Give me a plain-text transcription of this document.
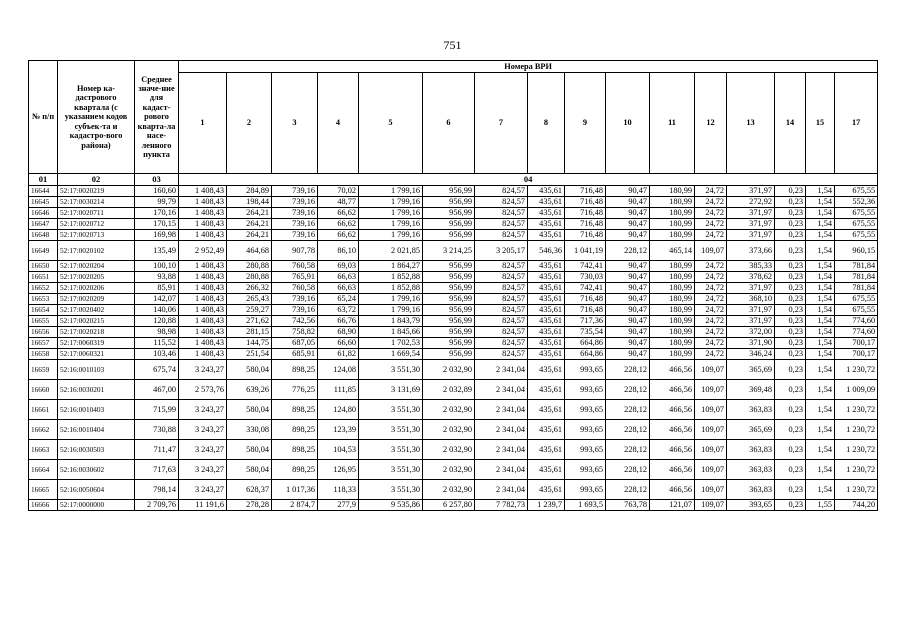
751
№ п/п	Номер ка-дастрового квартала (с указанием кодов субъек-та и кадастро-вого района)	Среднее значе-ние для кадаст-рового кварта-ла насе-ленного пункта	Номера ВРИ															
			1	2	3	4	5	6	7	8	9	10	11	12	13	14	15	17
01	02	03	04															
16644	52:17:0020219	160,60	1 408,43	284,89	739,16	70,02	1 799,16	956,99	824,57	435,61	716,48	90,47	180,99	24,72	371,97	0,23	1,54	675,55
16645	52:17:0030214	99,79	1 408,43	198,44	739,16	48,77	1 799,16	956,99	824,57	435,61	716,48	90,47	180,99	24,72	272,92	0,23	1,54	552,36
16646	52:17:0020711	170,16	1 408,43	264,21	739,16	66,62	1 799,16	956,99	824,57	435,61	716,48	90,47	180,99	24,72	371,97	0,23	1,54	675,55
16647	52:17:0020712	170,15	1 408,43	264,21	739,16	66,62	1 799,16	956,99	824,57	435,61	716,48	90,47	180,99	24,72	371,97	0,23	1,54	675,55
16648	52:17:0020713	169,98	1 408,43	264,21	739,16	66,62	1 799,16	956,99	824,57	435,61	716,48	90,47	180,99	24,72	371,97	0,23	1,54	675,55
16649	52:17:0020102	135,49	2 952,49	464,68	907,78	86,10	2 021,85	3 214,25	3 205,17	546,36	1 041,19	228,12	465,14	109,07	373,66	0,23	1,54	960,15
16650	52:17:0020204	100,10	1 408,43	280,88	760,58	69,03	1 864,27	956,99	824,57	435,61	742,41	90,47	180,99	24,72	385,33	0,23	1,54	781,84
16651	52:17:0020205	93,88	1 408,43	280,88	765,91	66,63	1 852,88	956,99	824,57	435,61	730,03	90,47	180,99	24,72	378,62	0,23	1,54	781,84
16652	52:17:0020206	85,91	1 408,43	266,32	760,58	66,63	1 852,88	956,99	824,57	435,61	742,41	90,47	180,99	24,72	371,97	0,23	1,54	781,84
16653	52:17:0020209	142,07	1 408,43	265,43	739,16	65,24	1 799,16	956,99	824,57	435,61	716,48	90,47	180,99	24,72	368,10	0,23	1,54	675,55
16654	52:17:0020402	140,06	1 408,43	259,27	739,16	63,72	1 799,16	956,99	824,57	435,61	716,48	90,47	180,99	24,72	371,97	0,23	1,54	675,55
16655	52:17:0020215	120,88	1 408,43	271,62	742,56	66,76	1 843,79	956,99	824,57	435,61	717,36	90,47	180,99	24,72	371,97	0,23	1,54	774,60
16656	52:17:0020218	98,98	1 408,43	281,15	758,82	68,90	1 845,66	956,99	824,57	435,61	735,54	90,47	180,99	24,72	372,00	0,23	1,54	774,60
16657	52:17:0060319	115,52	1 408,43	144,75	687,05	66,60	1 702,53	956,99	824,57	435,61	664,86	90,47	180,99	24,72	371,90	0,23	1,54	700,17
16658	52:17:0060321	103,46	1 408,43	251,54	685,91	61,82	1 669,54	956,99	824,57	435,61	664,86	90,47	180,99	24,72	346,24	0,23	1,54	700,17
16659	52:16:0010103	675,74	3 243,27	580,04	898,25	124,08	3 551,30	2 032,90	2 341,04	435,61	993,65	228,12	466,56	109,07	365,69	0,23	1,54	1 230,72
16660	52:16:0030201	467,00	2 573,76	639,26	776,25	111,85	3 131,69	2 032,89	2 341,04	435,61	993,65	228,12	466,56	109,07	369,48	0,23	1,54	1 009,09
16661	52:16:0010403	715,99	3 243,27	580,04	898,25	124,80	3 551,30	2 032,90	2 341,04	435,61	993,65	228,12	466,56	109,07	363,83	0,23	1,54	1 230,72
16662	52:16:0010404	730,88	3 243,27	330,08	898,25	123,39	3 551,30	2 032,90	2 341,04	435,61	993,65	228,12	466,56	109,07	365,69	0,23	1,54	1 230,72
16663	52:16:0030503	711,47	3 243,27	580,04	898,25	104,53	3 551,30	2 032,90	2 341,04	435,61	993,65	228,12	466,56	109,07	363,83	0,23	1,54	1 230,72
16664	52:16:0030602	717,63	3 243,27	580,04	898,25	126,95	3 551,30	2 032,90	2 341,04	435,61	993,65	228,12	466,56	109,07	363,83	0,23	1,54	1 230,72
16665	52:16:0050604	798,14	3 243,27	628,37	1 017,36	118,33	3 551,30	2 032,90	2 341,04	435,61	993,65	228,12	466,56	109,07	363,83	0,23	1,54	1 230,72
16666	52:17:0000000	2 709,76	11 191,6	278,28	2 874,7	277,9	9 535,86	6 257,80	7 782,73	1 239,7	1 693,5	763,78	121,07	109,07	393,65	0,23	1,55	744,20
